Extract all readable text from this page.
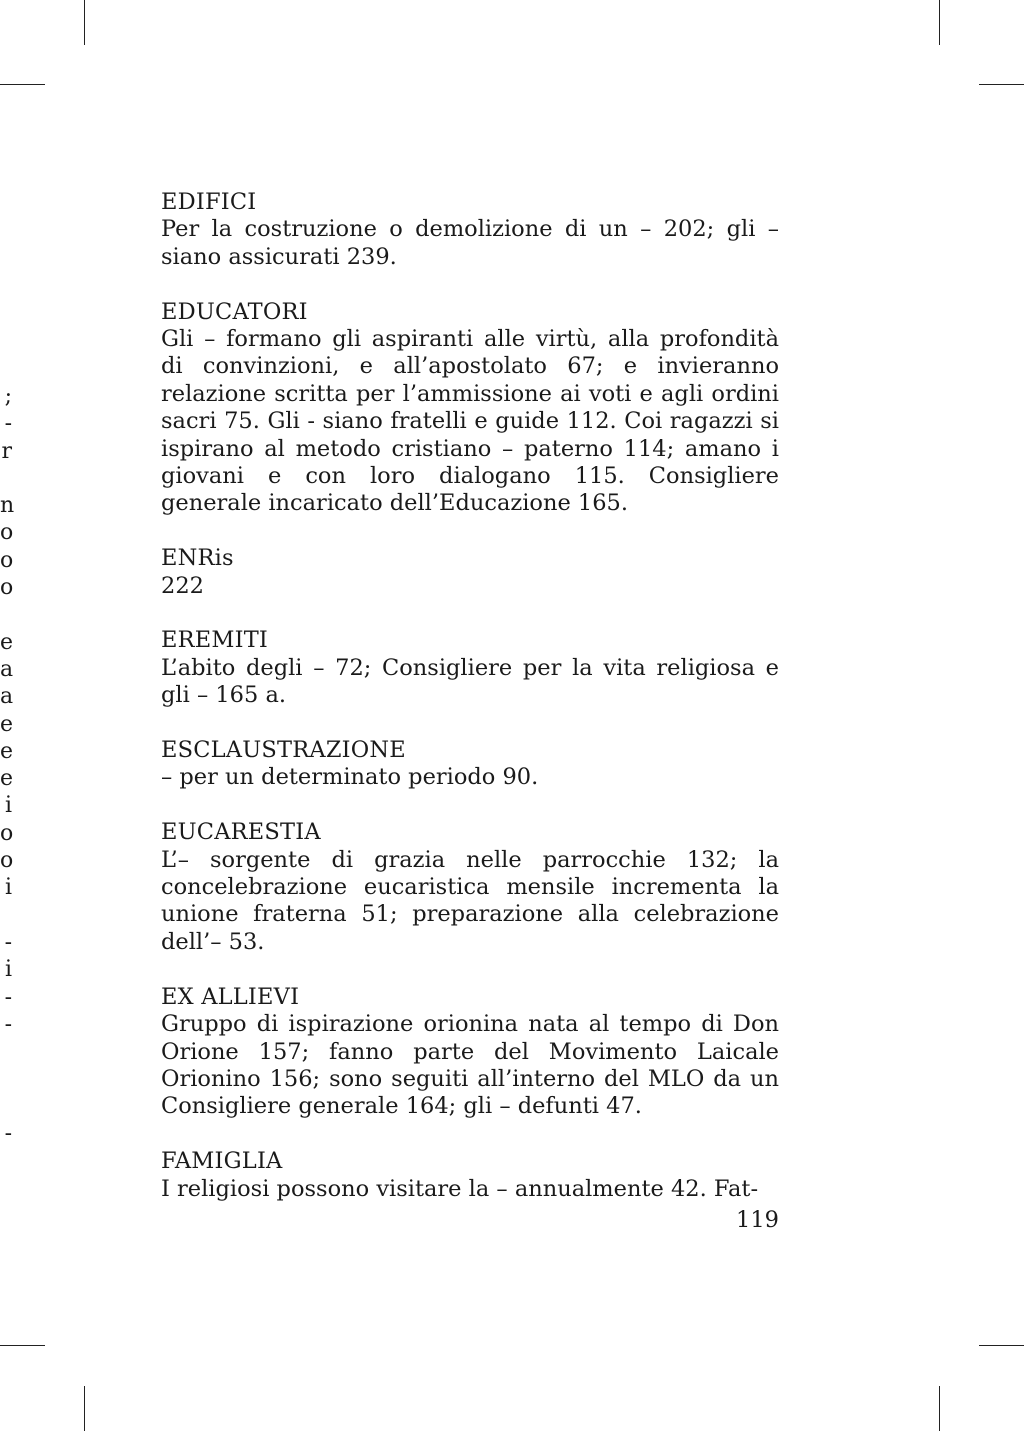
;
-
r
n
o
o
o
e
a
a
e
e
e
i
o
o
i
-
i
-
-
-
EDIFICI
Per la costruzione o demolizione di un – 202; gli – siano assicurati 239.
EDUCATORI
Gli – formano gli aspiranti alle virtù, alla profondità di convinzioni, e all’apostolato 67; e invieranno relazione scritta per l’ammissione ai voti e agli ordini sacri 75. Gli - siano fratelli e guide 112. Coi ragazzi si ispirano al metodo cristiano – paterno 114; amano i giovani e con loro dialogano 115. Consigliere generale incaricato dell’Educazione 165.
ENRis
222
EREMITI
L’abito degli – 72; Consigliere per la vita religiosa e gli – 165 a.
ESCLAUSTRAZIONE
– per un determinato periodo 90.
EUCARESTIA
L’– sorgente di grazia nelle parrocchie 132; la concelebrazione eucaristica mensile incrementa la unione fraterna 51; preparazione alla celebrazione dell’– 53.
EX ALLIEVI
Gruppo di ispirazione orionina nata al tempo di Don Orione 157; fanno parte del Movimento Laicale Orionino 156; sono seguiti all’interno del MLO da un Consigliere generale 164; gli – defunti 47.
FAMIGLIA
I religiosi possono visitare la – annualmente 42. Fat-
119
